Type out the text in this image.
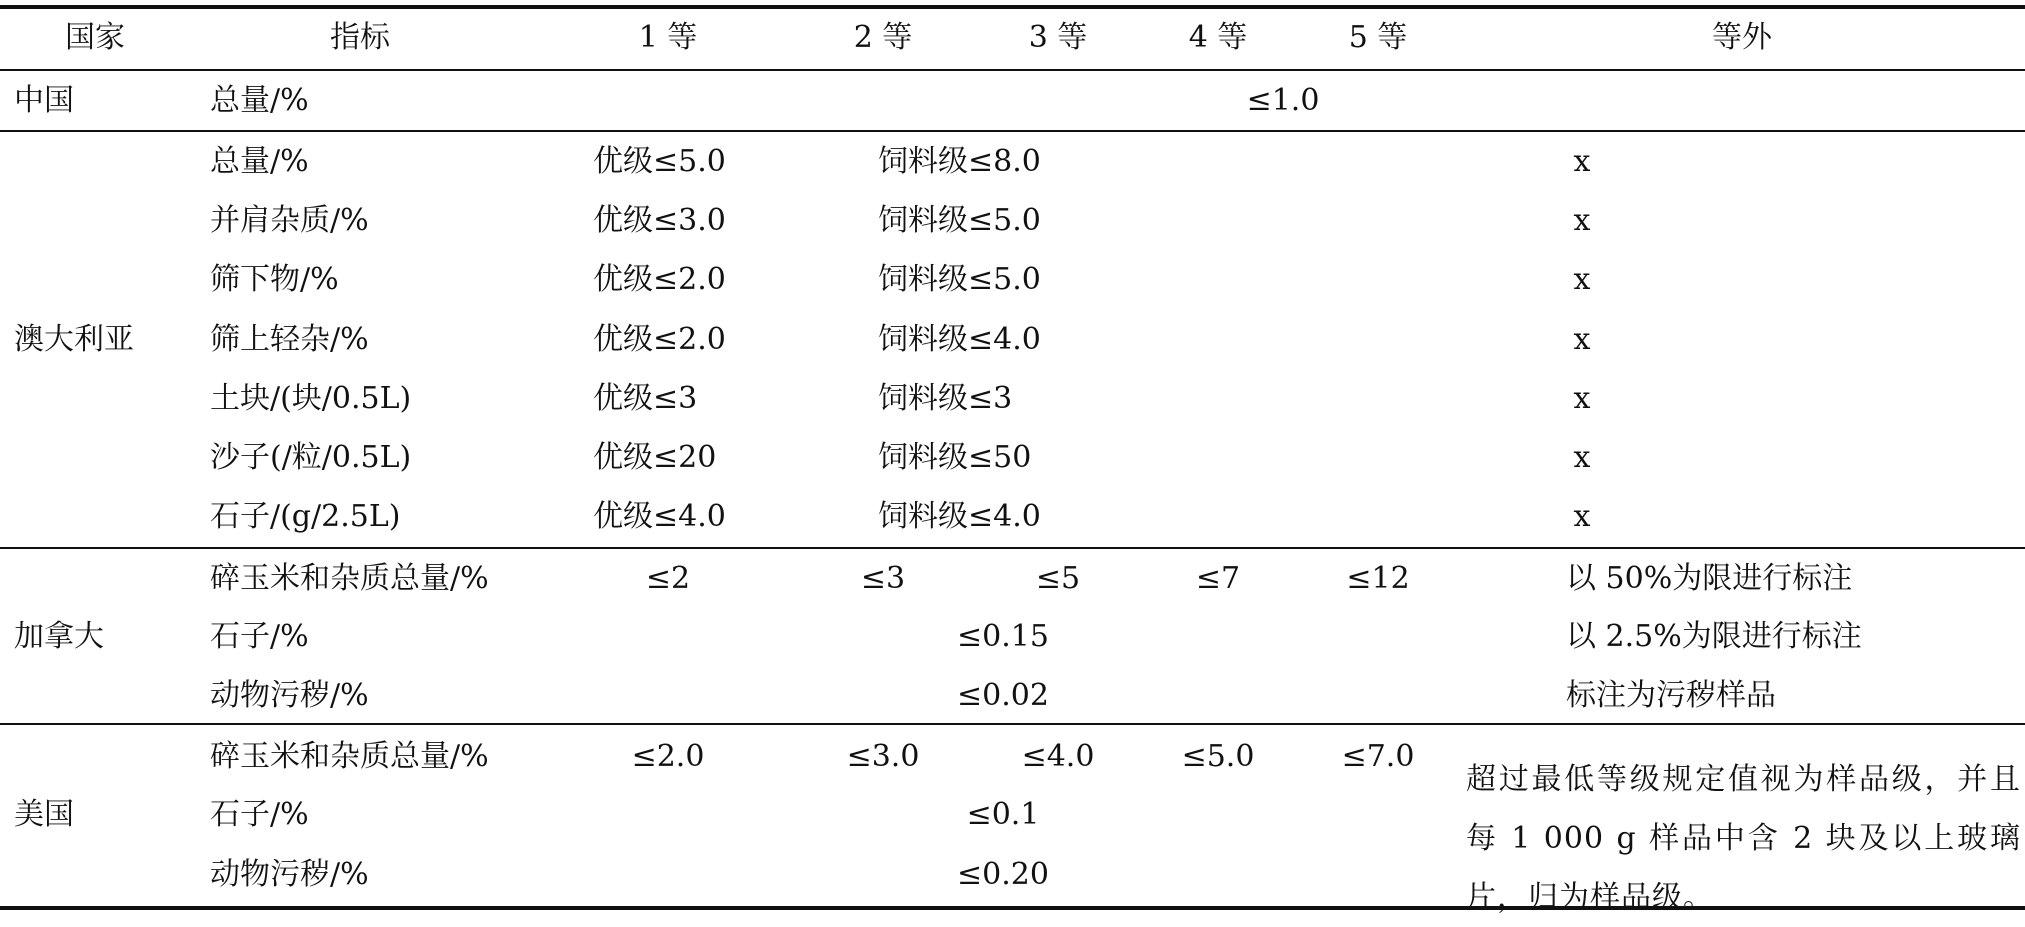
国家	指标	1 等	2 等	3 等	4 等	5 等	等外
中国	总量/%	≤1.0
澳大利亚
总量/%	优级≤5.0	饲料级≤8.0	x
并肩杂质/%	优级≤3.0	饲料级≤5.0	x
筛下物/%	优级≤2.0	饲料级≤5.0	x
筛上轻杂/%	优级≤2.0	饲料级≤4.0	x
土块/(块/0.5L)	优级≤3	饲料级≤3	x
沙子(/粒/0.5L)	优级≤20	饲料级≤50	x
石子/(g/2.5L)	优级≤4.0	饲料级≤4.0	x
加拿大
碎玉米和杂质总量/%	≤2	≤3	≤5	≤7	≤12	以 50%为限进行标注
石子/%	≤0.15	以 2.5%为限进行标注
动物污秽/%	≤0.02	标注为污秽样品
美国
碎玉米和杂质总量/%	≤2.0	≤3.0	≤4.0	≤5.0	≤7.0
石子/%	≤0.1
动物污秽/%	≤0.20
超过最低等级规定值视为样品级，并且每 1 000 g 样品中含 2 块及以上玻璃片，归为样品级。
